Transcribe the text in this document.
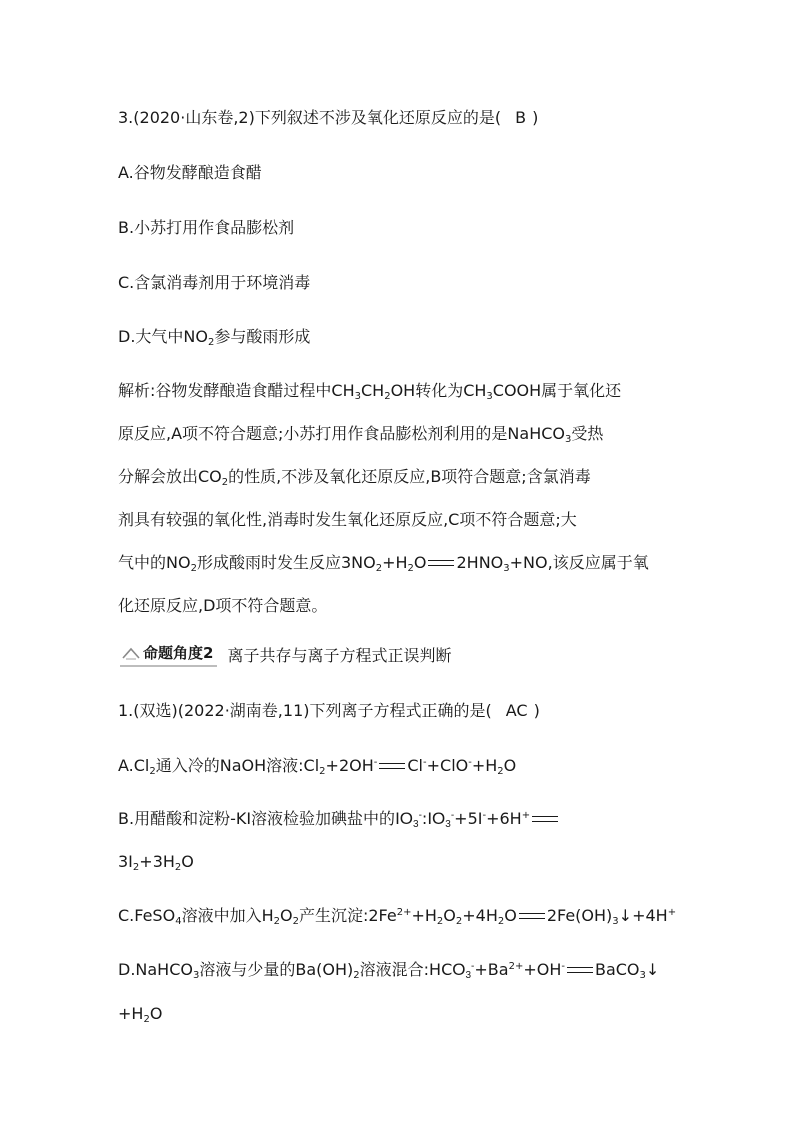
3.(2020·山东卷,2)下列叙述不涉及氧化还原反应的是( B )
A.谷物发酵酿造食醋
B.小苏打用作食品膨松剂
C.含氯消毒剂用于环境消毒
D.大气中$NO_2$参与酸雨形成
解析:谷物发酵酿造食醋过程中$CH_3CH_2OH$转化为$CH_3COOH$属于氧化还
原反应,A项不符合题意;小苏打用作食品膨松剂利用的是NaHCO$_3$受热
分解会放出$CO_2$的性质,不涉及氧化还原反应,B项符合题意;含氯消毒
剂具有较强的氧化性,消毒时发生氧化还原反应,C项不符合题意;大
气中的$NO_2$形成酸雨时发生反应$3NO_2+H_2O$ $2HNO_3+NO$,该反应属于氧
化还原反应,D项不符合题意。
命题角度2 离子共存与离子方程式正误判断
1.(双选)(2022·湖南卷,11)下列离子方程式正确的是( AC )
$A.Cl_2$通入冷的NaOH溶液$:Cl_2+2OH^-$ $Cl^-+ClO^-+H_2O$
B.用醋酸和淀粉-KI溶液检验加碘盐中的$IO_3^-:IO_3^-+5I^-+6H^+$
$3I_2+3H_2O$
C.FeSO$_4$溶液中加入$H_2O_2$产生沉淀$:2Fe^{2+}+H_2O_2+4H_2O$ $2Fe(OH)_3↓+4H^+$
D.NaHCO$_3$溶液与少量的$Ba(OH)_2$溶液混合$:HCO_3^-+Ba^{2+}+OH^-$ BaCO$_3$↓
$+H_2O$
